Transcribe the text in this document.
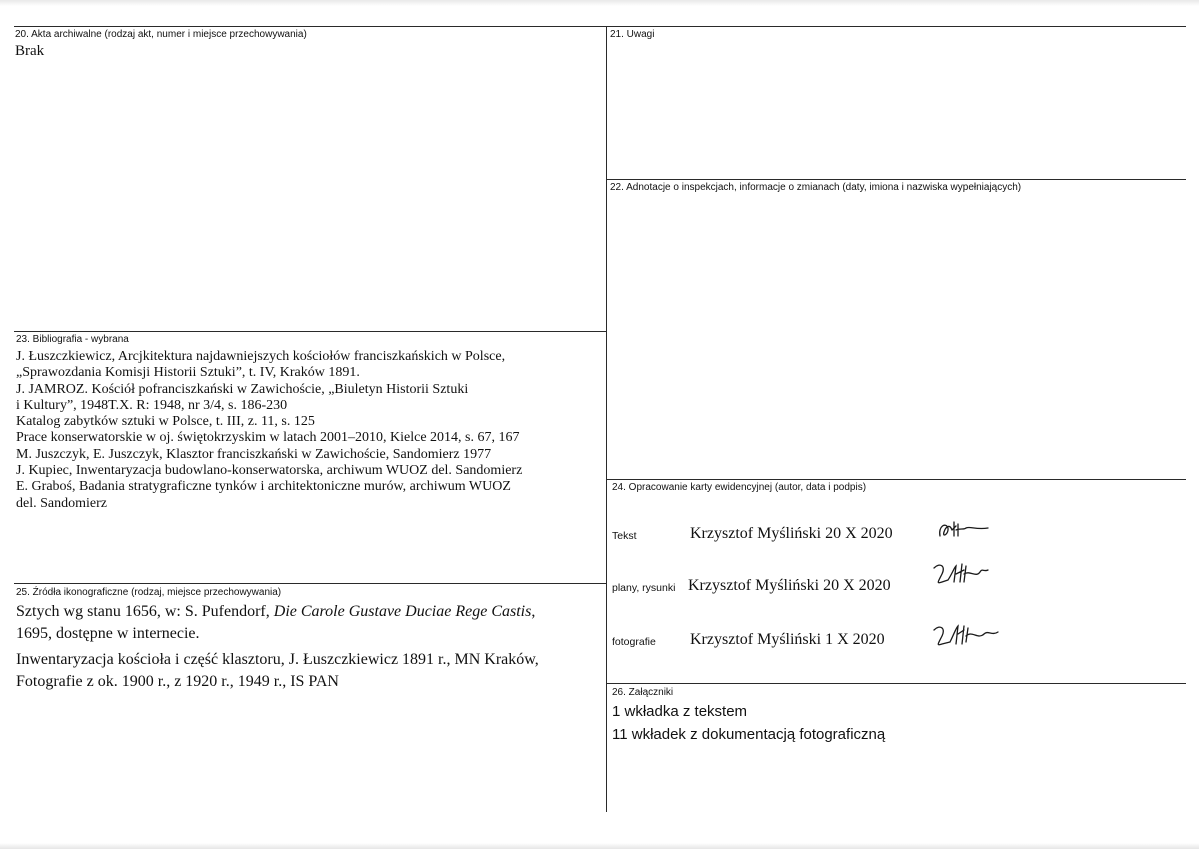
20. Akta archiwalne (rodzaj akt, numer i miejsce przechowywania)
Brak
21. Uwagi
22. Adnotacje o inspekcjach, informacje o zmianach (daty, imiona i nazwiska wypełniających)
23. Bibliografia - wybrana
J. Łuszczkiewicz, Arcjkitektura najdawniejszych kościołów franciszkańskich w Polsce,
„Sprawozdania Komisji Historii Sztuki”, t. IV, Kraków 1891.
J. JAMROZ. Kościół pofranciszkański w Zawichoście, „Biuletyn Historii Sztuki
i Kultury”, 1948T.X. R: 1948, nr 3/4, s. 186-230
Katalog zabytków sztuki w Polsce, t. III, z. 11, s. 125
Prace konserwatorskie w oj. świętokrzyskim w latach 2001–2010, Kielce 2014, s. 67, 167
M. Juszczyk, E. Juszczyk, Klasztor franciszkański w Zawichoście, Sandomierz 1977
J. Kupiec, Inwentaryzacja budowlano-konserwatorska, archiwum WUOZ del. Sandomierz
E. Graboś, Badania stratygraficzne tynków i architektoniczne murów, archiwum WUOZ
del. Sandomierz
24. Opracowanie karty ewidencyjnej (autor, data i podpis)
Tekst	Krzysztof Myśliński 20 X 2020
plany, rysunki Krzysztof Myśliński 20 X 2020
fotografie Krzysztof Myśliński 1 X 2020
25. Źródła ikonograficzne (rodzaj, miejsce przechowywania)
Sztych wg stanu 1656, w: S. Pufendorf, Die Carole Gustave Duciae Rege Castis,
1695, dostępne w internecie.
Inwentaryzacja kościoła i część klasztoru, J. Łuszczkiewicz 1891 r., MN Kraków,
Fotografie z ok. 1900 r., z 1920 r., 1949 r., IS PAN
26. Załączniki
1 wkładka z tekstem
11 wkładek z dokumentacją fotograficzną
